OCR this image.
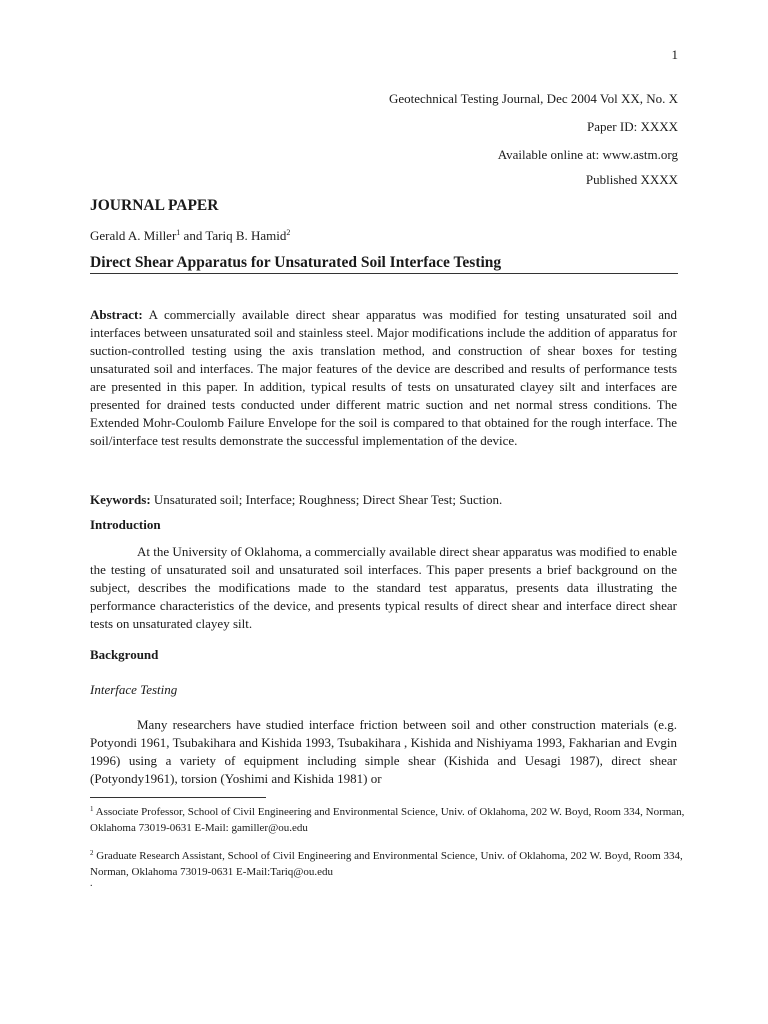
1
Geotechnical Testing Journal, Dec 2004 Vol XX, No. X
Paper ID: XXXX
Available online at: www.astm.org
Published XXXX
JOURNAL PAPER
Gerald A. Miller$^1$ and Tariq B. Hamid$^2$
Direct Shear Apparatus for Unsaturated Soil Interface Testing

Abstract: A commercially available direct shear apparatus was modified for testing unsaturated soil and interfaces between unsaturated soil and stainless steel. Major modifications include the addition of apparatus for suction-controlled testing using the axis translation method, and construction of shear boxes for testing unsaturated soil and interfaces. The major features of the device are described and results of performance tests are presented in this paper. In addition, typical results of tests on unsaturated clayey silt and interfaces are presented for drained tests conducted under different matric suction and net normal stress conditions. The Extended Mohr-Coulomb Failure Envelope for the soil is compared to that obtained for the rough interface. The soil/interface test results demonstrate the successful implementation of the device.

Keywords: Unsaturated soil; Interface; Roughness; Direct Shear Test; Suction.

Introduction

At the University of Oklahoma, a commercially available direct shear apparatus was modified to enable the testing of unsaturated soil and unsaturated soil interfaces. This paper presents a brief background on the subject, describes the modifications made to the standard test apparatus, presents data illustrating the performance characteristics of the device, and presents typical results of direct shear and interface direct shear tests on unsaturated clayey silt.

Background
Interface Testing

Many researchers have studied interface friction between soil and other construction materials (e.g. Potyondi 1961, Tsubakihara and Kishida 1993, Tsubakihara , Kishida and Nishiyama 1993, Fakharian and Evgin 1996) using a variety of equipment including simple shear (Kishida and Uesagi 1987), direct shear (Potyondy1961), torsion (Yoshimi and Kishida 1981) or

$^1$ Associate Professor, School of Civil Engineering and Environmental Science, Univ. of Oklahoma, 202 W. Boyd, Room 334, Norman, Oklahoma 73019-0631 E-Mail: gamiller@ou.edu

$^2$ Graduate Research Assistant, School of Civil Engineering and Environmental Science, Univ. of Oklahoma, 202 W. Boyd, Room 334, Norman, Oklahoma 73019-0631 E-Mail:Tariq@ou.edu

.
